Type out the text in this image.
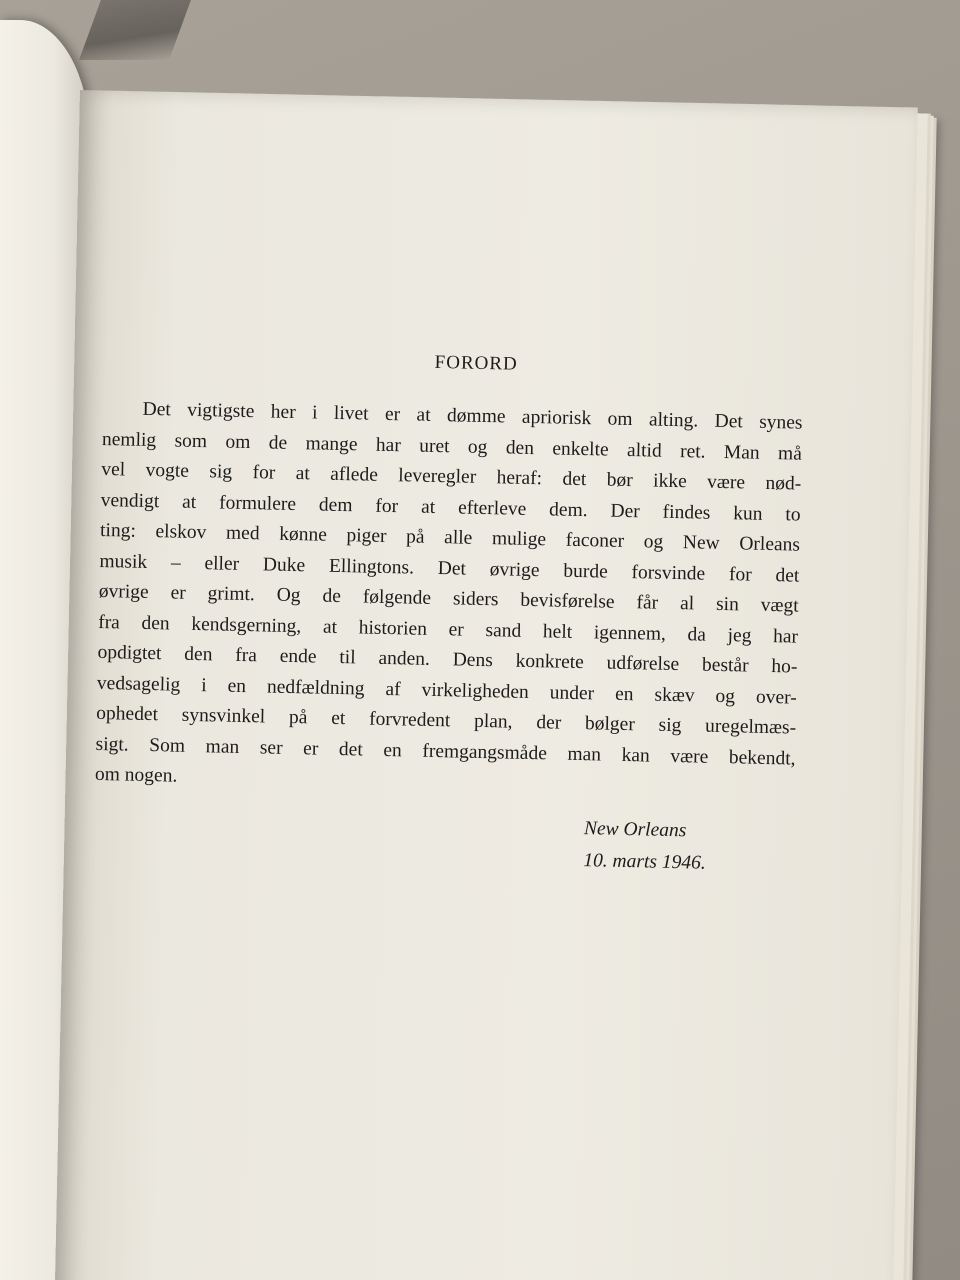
FORORD

Det vigtigste her i livet er at dømme apriorisk om alting. Det synes
nemlig som om de mange har uret og den enkelte altid ret. Man må
vel vogte sig for at aflede leveregler heraf: det bør ikke være nød-
vendigt at formulere dem for at efterleve dem. Der findes kun to
ting: elskov med kønne piger på alle mulige faconer og New Orleans
musik – eller Duke Ellingtons. Det øvrige burde forsvinde for det
øvrige er grimt. Og de følgende siders bevisførelse får al sin vægt
fra den kendsgerning, at historien er sand helt igennem, da jeg har
opdigtet den fra ende til anden. Dens konkrete udførelse består ho-
vedsagelig i en nedfældning af virkeligheden under en skæv og over-
ophedet synsvinkel på et forvredent plan, der bølger sig uregelmæs-
sigt. Som man ser er det en fremgangsmåde man kan være bekendt,
om nogen.

New Orleans
10. marts 1946.
